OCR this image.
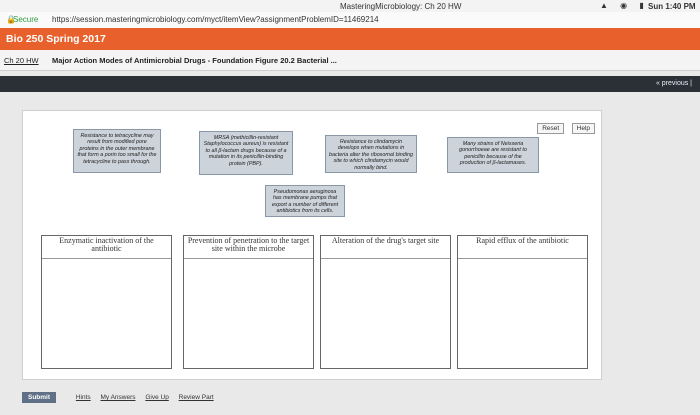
MasteringMicrobiology: Ch 20 HW	▲ ◉ ▮ Sun 1:40 PM
🔒
Secure https://session.masteringmicrobiology.com/myct/itemView?assignmentProblemID=11469214
Bio 250 Spring 2017
Ch 20 HW Major Action Modes of Antimicrobial Drugs - Foundation Figure 20.2 Bacterial ...
« previous |
Reset	Help
Resistance to tetracycline may result from modified pore proteins in the outer membrane that form a porin too small for the tetracycline to pass through.
MRSA (methicillin-resistant Staphylococcus aureus) is resistant to all β-lactam drugs because of a mutation in its penicillin-binding protein (PBP).
Resistance to clindamycin develops when mutations in bacteria alter the ribosomal binding site to which clindamycin would normally bind.
Many strains of Neisseria gonorrhoeae are resistant to penicillin because of the production of β-lactamases.
Pseudomonas aeruginosa has membrane pumps that export a number of different antibiotics from its cells.
Enzymatic inactivation of the antibiotic
Prevention of penetration to the target site within the microbe
Alteration of the drug's target site	Rapid efflux of the antibiotic
Submit	Hints My Answers Give Up Review Part
